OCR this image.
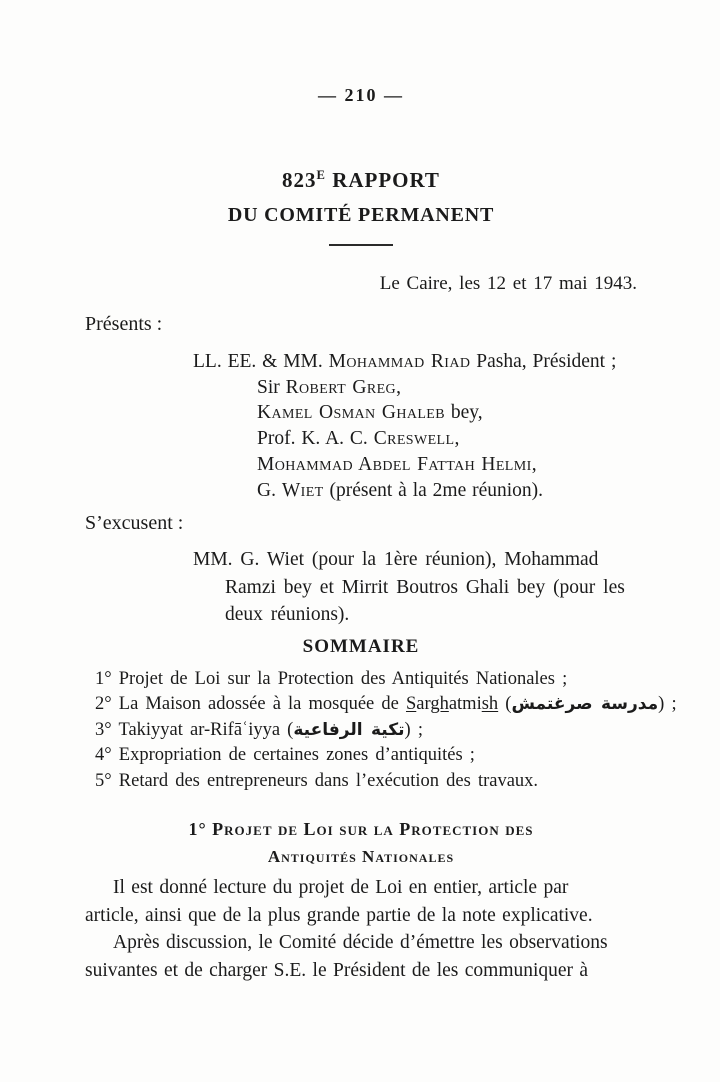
— 210 —
$823^E$ RAPPORT
DU COMITÉ PERMANENT
Le Caire, les 12 et 17 mai 1943.
Présents :
LL. EE. & MM. Mohammad Riad Pasha, Président ;
Sir Robert Greg,
Kamel Osman Ghaleb bey,
Prof. K. A. C. Creswell,
Mohammad Abdel Fattah Helmi,
G. Wiet (présent à la 2me réunion).
S’excusent :
MM. G. Wiet (pour la 1ère réunion), Mohammad
Ramzi bey et Mirrit Boutros Ghali bey (pour les
deux réunions).
SOMMAIRE
1° Projet de Loi sur la Protection des Antiquités Nationales ;
2° La Maison adossée à la mosquée de Sarghatmish (مدرسة صرغتمش) ;
3° Takiyyat ar-Rifāʿiyya (تكية الرفاعية) ;
4° Expropriation de certaines zones d’antiquités ;
5° Retard des entrepreneurs dans l’exécution des travaux.
1° Projet de Loi sur la Protection des
Antiquités Nationales
Il est donné lecture du projet de Loi en entier, article par
article, ainsi que de la plus grande partie de la note explicative.
Après discussion, le Comité décide d’émettre les observations
suivantes et de charger S.E. le Président de les communiquer à
